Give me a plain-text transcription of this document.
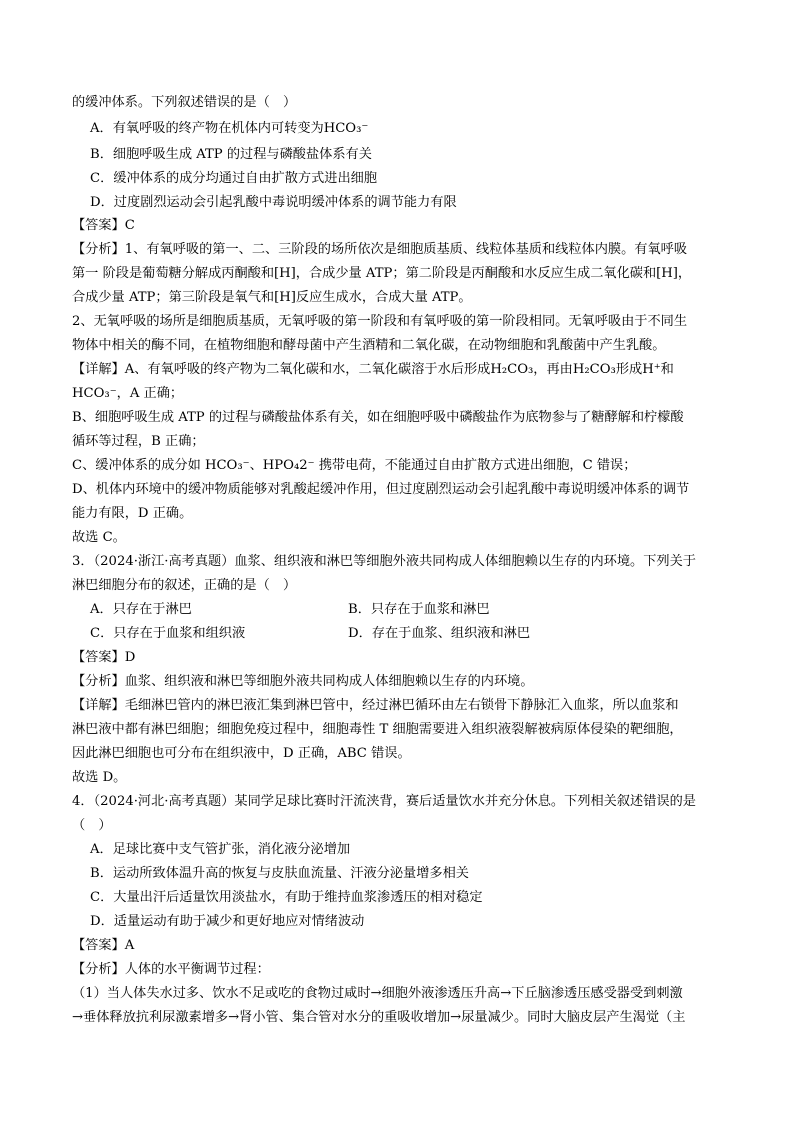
的缓冲体系。下列叙述错误的是（　）
A．有氧呼吸的终产物在机体内可转变为HCO₃⁻
B．细胞呼吸生成 ATP 的过程与磷酸盐体系有关
C．缓冲体系的成分均通过自由扩散方式进出细胞
D．过度剧烈运动会引起乳酸中毒说明缓冲体系的调节能力有限
【答案】C
【分析】1、有氧呼吸的第一、二、三阶段的场所依次是细胞质基质、线粒体基质和线粒体内膜。有氧呼吸
第一 阶段是葡萄糖分解成丙酮酸和[H]，合成少量 ATP；第二阶段是丙酮酸和水反应生成二氧化碳和[H]，
合成少量 ATP；第三阶段是氧气和[H]反应生成水，合成大量 ATP。
2、无氧呼吸的场所是细胞质基质，无氧呼吸的第一阶段和有氧呼吸的第一阶段相同。无氧呼吸由于不同生
物体中相关的酶不同，在植物细胞和酵母菌中产生酒精和二氧化碳，在动物细胞和乳酸菌中产生乳酸。
【详解】A、有氧呼吸的终产物为二氧化碳和水，二氧化碳溶于水后形成H₂CO₃，再由H₂CO₃形成H⁺和
HCO₃⁻，A 正确；
B、细胞呼吸生成 ATP 的过程与磷酸盐体系有关，如在细胞呼吸中磷酸盐作为底物参与了糖酵解和柠檬酸
循环等过程，B 正确；
C、缓冲体系的成分如 HCO₃⁻、HPO₄2⁻ 携带电荷，不能通过自由扩散方式进出细胞，C 错误；
D、机体内环境中的缓冲物质能够对乳酸起缓冲作用，但过度剧烈运动会引起乳酸中毒说明缓冲体系的调节
能力有限，D 正确。
故选 C。
3．（2024·浙江·高考真题）血浆、组织液和淋巴等细胞外液共同构成人体细胞赖以生存的内环境。下列关于
淋巴细胞分布的叙述，正确的是（　）
A．只存在于淋巴	B．只存在于血浆和淋巴
C．只存在于血浆和组织液	D．存在于血浆、组织液和淋巴
【答案】D
【分析】血浆、组织液和淋巴等细胞外液共同构成人体细胞赖以生存的内环境。
【详解】毛细淋巴管内的淋巴液汇集到淋巴管中，经过淋巴循环由左右锁骨下静脉汇入血浆，所以血浆和
淋巴液中都有淋巴细胞；细胞免疫过程中，细胞毒性 T 细胞需要进入组织液裂解被病原体侵染的靶细胞，
因此淋巴细胞也可分布在组织液中，D 正确，ABC 错误。
故选 D。
4．（2024·河北·高考真题）某同学足球比赛时汗流浃背，赛后适量饮水并充分休息。下列相关叙述错误的是
（　）
A．足球比赛中支气管扩张，消化液分泌增加
B．运动所致体温升高的恢复与皮肤血流量、汗液分泌量增多相关
C．大量出汗后适量饮用淡盐水，有助于维持血浆渗透压的相对稳定
D．适量运动有助于减少和更好地应对情绪波动
【答案】A
【分析】人体的水平衡调节过程：
（1）当人体失水过多、饮水不足或吃的食物过咸时→细胞外液渗透压升高→下丘脑渗透压感受器受到刺激
→垂体释放抗利尿激素增多→肾小管、集合管对水分的重吸收增加→尿量减少。同时大脑皮层产生渴觉（主
